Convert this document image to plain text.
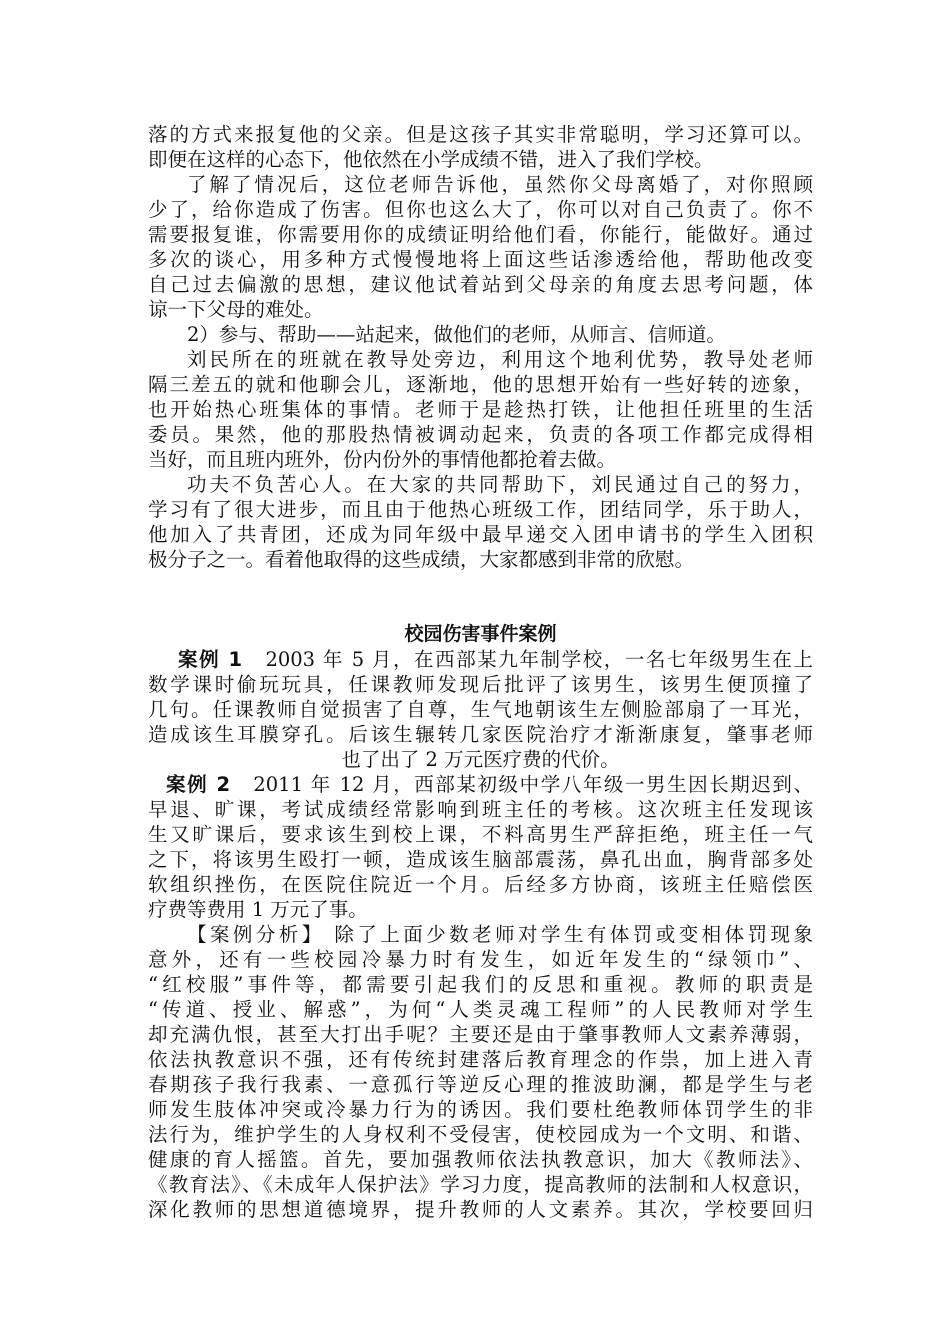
落的方式来报复他的父亲。但是这孩子其实非常聪明，学习还算可以。
即便在这样的心态下，他依然在小学成绩不错，进入了我们学校。
了解了情况后，这位老师告诉他，虽然你父母离婚了，对你照顾
少了，给你造成了伤害。但你也这么大了，你可以对自己负责了。你不
需要报复谁，你需要用你的成绩证明给他们看，你能行，能做好。通过
多次的谈心，用多种方式慢慢地将上面这些话渗透给他，帮助他改变
自己过去偏激的思想，建议他试着站到父母亲的角度去思考问题，体
谅一下父母的难处。
2）参与、帮助——站起来，做他们的老师，从师言、信师道。
刘民所在的班就在教导处旁边，利用这个地利优势，教导处老师
隔三差五的就和他聊会儿，逐渐地，他的思想开始有一些好转的迹象，
也开始热心班集体的事情。老师于是趁热打铁，让他担任班里的生活
委员。果然，他的那股热情被调动起来，负责的各项工作都完成得相
当好，而且班内班外，份内份外的事情他都抢着去做。
功夫不负苦心人。在大家的共同帮助下，刘民通过自己的努力，
学习有了很大进步，而且由于他热心班级工作，团结同学，乐于助人，
他加入了共青团，还成为同年级中最早递交入团申请书的学生入团积
极分子之一。看着他取得的这些成绩，大家都感到非常的欣慰。
校园伤害事件案例
案例 1 2003 年 5 月，在西部某九年制学校，一名七年级男生在上
数学课时偷玩玩具，任课教师发现后批评了该男生，该男生便顶撞了
几句。任课教师自觉损害了自尊，生气地朝该生左侧脸部扇了一耳光，
造成该生耳膜穿孔。后该生辗转几家医院治疗才渐渐康复，肇事老师
也了出了 2 万元医疗费的代价。
案例 2 2011 年 12 月，西部某初级中学八年级一男生因长期迟到、
早退、旷课，考试成绩经常影响到班主任的考核。这次班主任发现该
生又旷课后，要求该生到校上课，不料高男生严辞拒绝，班主任一气
之下，将该男生殴打一顿，造成该生脑部震荡，鼻孔出血，胸背部多处
软组织挫伤，在医院住院近一个月。后经多方协商，该班主任赔偿医
疗费等费用 1 万元了事。
【案例分析】 除了上面少数老师对学生有体罚或变相体罚现象
意外，还有一些校园冷暴力时有发生，如近年发生的“绿领巾”、
“红校服”事件等，都需要引起我们的反思和重视。教师的职责是
“传道、授业、解惑”，为何“人类灵魂工程师”的人民教师对学生
却充满仇恨，甚至大打出手呢？主要还是由于肇事教师人文素养薄弱，
依法执教意识不强，还有传统封建落后教育理念的作祟，加上进入青
春期孩子我行我素、一意孤行等逆反心理的推波助澜，都是学生与老
师发生肢体冲突或冷暴力行为的诱因。我们要杜绝教师体罚学生的非
法行为，维护学生的人身权利不受侵害，使校园成为一个文明、和谐、
健康的育人摇篮。首先，要加强教师依法执教意识，加大《教师法》、
《教育法》、《未成年人保护法》学习力度，提高教师的法制和人权意识，
深化教师的思想道德境界，提升教师的人文素养。其次，学校要回归
